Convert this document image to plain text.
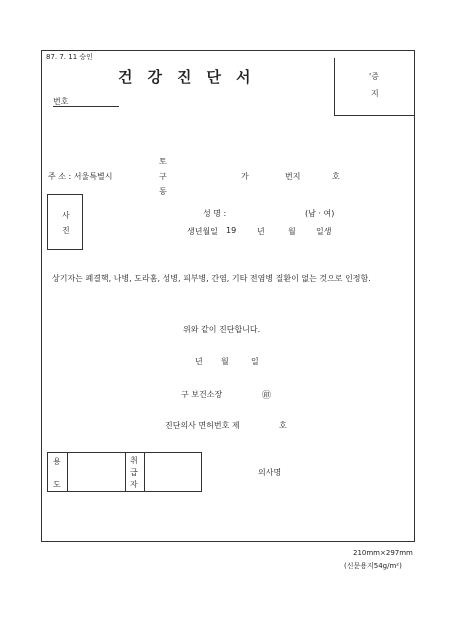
87. 7. 11 승인
건강진단서	'증
지
번호
주 소 : 서울특별시
토
구
동
가	번지	호
사
진
성 명 :	(남 · 여)
생년월일 19	년	월	일생
상기자는 폐결핵, 나병, 도라홈, 성병, 피부병, 간염, 기타 전염병 질환이 없는 것으로 인정함.
위와 같이 진단합니다.
년 월	일
구 보건소장	㊞
진단의사 면허번호 제	호
용
도
취
급
자
의사명
210mm×297mm
(신문용지54g/m²)
